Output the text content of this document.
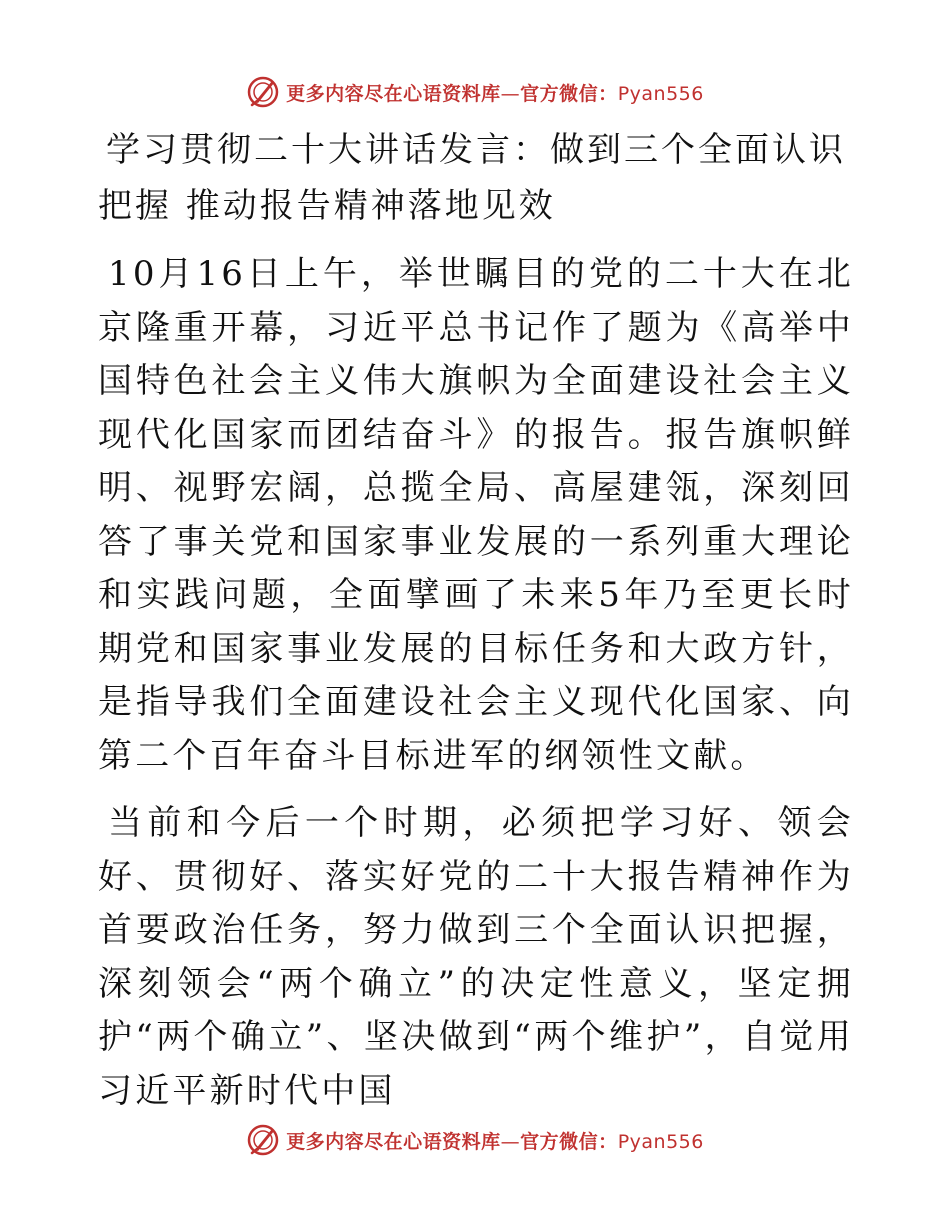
更多内容尽在心语资料库—官方微信：Pyan556
学习贯彻二十大讲话发言：做到三个全面认识把握 推动报告精神落地见效

10月16日上午，举世瞩目的党的二十大在北京隆重开幕，习近平总书记作了题为《高举中国特色社会主义伟大旗帜为全面建设社会主义现代化国家而团结奋斗》的报告。报告旗帜鲜明、视野宏阔，总揽全局、高屋建瓴，深刻回答了事关党和国家事业发展的一系列重大理论和实践问题，全面擘画了未来5年乃至更长时期党和国家事业发展的目标任务和大政方针，是指导我们全面建设社会主义现代化国家、向第二个百年奋斗目标进军的纲领性文献。

当前和今后一个时期，必须把学习好、领会好、贯彻好、落实好党的二十大报告精神作为首要政治任务，努力做到三个全面认识把握，深刻领会“两个确立”的决定性意义，坚定拥护“两个确立”、坚决做到“两个维护”，自觉用习近平新时代中国

更多内容尽在心语资料库—官方微信：Pyan556
